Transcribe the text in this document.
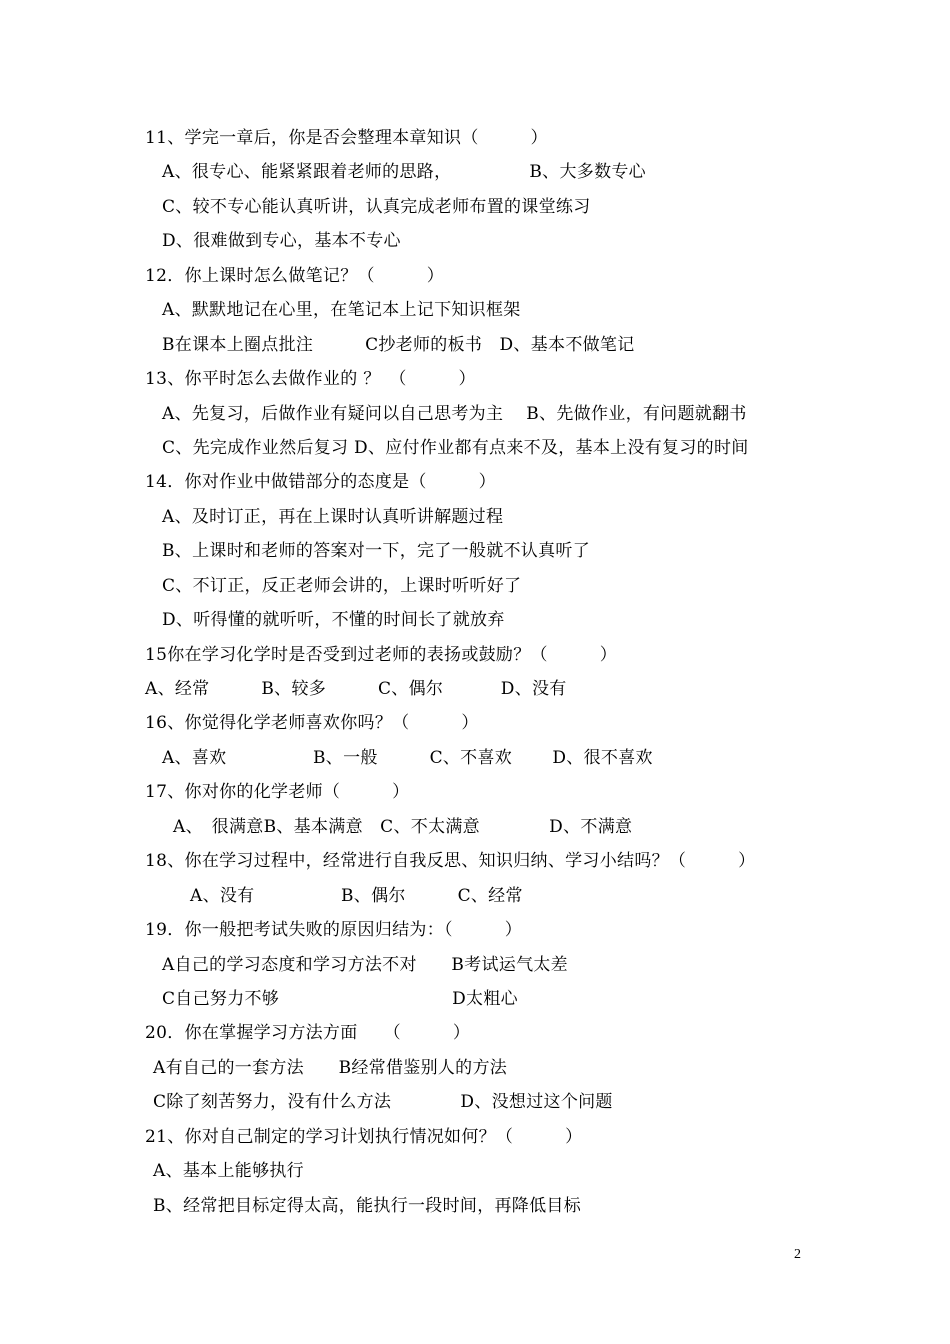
11、学完一章后，你是否会整理本章知识（　　　）
A、很专心、能紧紧跟着老师的思路，　　　　　B、大多数专心
C、较不专心能认真听讲，认真完成老师布置的课堂练习
D、很难做到专心，基本不专心
12．你上课时怎么做笔记？（　　　）
A、默默地记在心里，在笔记本上记下知识框架
B在课本上圈点批注　　　C抄老师的板书　D、基本不做笔记
13、你平时怎么去做作业的 ？　（　　　）
A、先复习，后做作业有疑问以自己思考为主　 B、先做作业，有问题就翻书
C、先完成作业然后复习 D、应付作业都有点来不及，基本上没有复习的时间
14．你对作业中做错部分的态度是（　　　）
A、及时订正，再在上课时认真听讲解题过程
B、上课时和老师的答案对一下，完了一般就不认真听了
C、不订正，反正老师会讲的，上课时听听好了
D、听得懂的就听听，不懂的时间长了就放弃
15你在学习化学时是否受到过老师的表扬或鼓励？（　　　）
A、经常　　　B、较多　　　C、偶尔　　　 D、没有
16、你觉得化学老师喜欢你吗？（　　　）
A、喜欢　　　　　B、一般　　　C、不喜欢　　 D、很不喜欢
17、你对你的化学老师（　　　）
A、　很满意B、基本满意　C、不太满意　　　　D、不满意
18、你在学习过程中，经常进行自我反思、知识归纳、学习小结吗？（　　　）
A、没有　　　　　B、偶尔　　　C、经常
19．你一般把考试失败的原因归结为：（　　　）
A自己的学习态度和学习方法不对　　B考试运气太差
C自己努力不够　　　　　　　　　　D太粗心
20．你在掌握学习方法方面　　（　　　）
A有自己的一套方法　　B经常借鉴别人的方法
C除了刻苦努力，没有什么方法　　　　D、没想过这个问题
21、你对自己制定的学习计划执行情况如何？（　　　）
A、基本上能够执行
B、经常把目标定得太高，能执行一段时间，再降低目标
2
